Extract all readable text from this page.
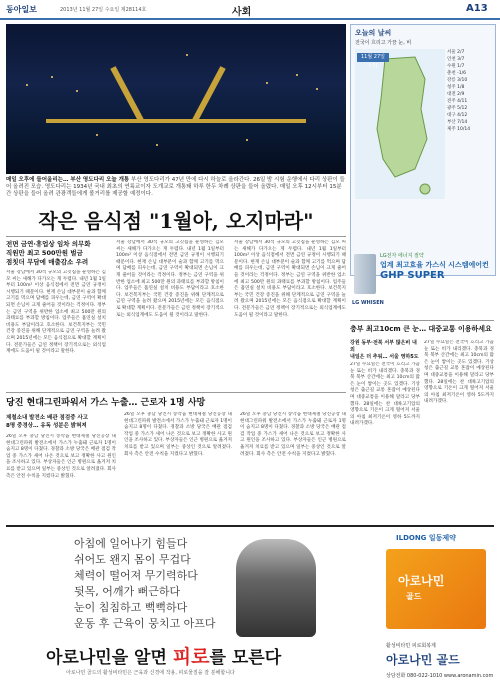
동아일보	2013년 11월 27일 수요일 제28114호	사회	A13
매일 오후에 들어올리는… 부산 영도다리 오늘 개통 부산 영도다리가 47년 만에 다시 하늘로 올라간다. 26일 밤 시험 운행에서 다리 상판이 들어 올려진 모습. 영도다리는 1934년 국내 최초의 연륙교이자 도개교로 개통돼 하루 한두 차례 상판을 들어 올렸다. 매일 오후 12시부터 15분간 상판을 들어 올려 관광객들에게 볼거리를 제공할 예정이다.
오늘의 날씨
전국이 흐리고 가끔 눈, 비
11월 27일 (수)
서울 2/7
인천 3/7
수원 1/7
춘천 -1/6
강릉 3/10
청주 1/8
대전 2/9
전주 4/11
광주 5/12
대구 4/12
부산 7/14
제주 10/14
LG전자 에너지 절약
업계 최고효율 가스식 시스템에어컨
GHP SUPER
LG WHISEN
작은 음식점 "1월아, 오지마라"
전면 금연·휴업상 임차 의무화
직원만 최고 500만원 벌금
점칫더 무담에 매출감소 우려
서울 강남에서 30석 규모의 고깃집을 운영하는 김모 씨는 새해가 다가오는 게 두렵다. 내년 1월 1일부터 100m² 이상 음식점에서 전면 금연 규정이 시행되기 때문이다. 현재 손님 대부분이 술과 함께 고기를 먹으며 담배를 피우는데, 금연 구역이 확대되면 손님이 크게 줄어들 것이라는 걱정이다. 정부는 금연 구역을 위반한 업소에 최고 500만 원의 과태료를 부과할 방침이다. 업주들은 흡연실 설치 비용도 부담이라고 호소한다. 보건복지부는 국민 건강 증진을 위해 단계적으로 금연 구역을 늘려 왔으며 2015년에는 모든 음식점으로 확대할 계획이다. 전문가들은 금연 정책이 장기적으로는 외식업계에도 도움이 될 것이라고 말한다.
서울 강남에서 30석 규모의 고깃집을 운영하는 김모 씨는 새해가 다가오는 게 두렵다. 내년 1월 1일부터 100m² 이상 음식점에서 전면 금연 규정이 시행되기 때문이다. 현재 손님 대부분이 술과 함께 고기를 먹으며 담배를 피우는데, 금연 구역이 확대되면 손님이 크게 줄어들 것이라는 걱정이다. 정부는 금연 구역을 위반한 업소에 최고 500만 원의 과태료를 부과할 방침이다. 업주들은 흡연실 설치 비용도 부담이라고 호소한다. 보건복지부는 국민 건강 증진을 위해 단계적으로 금연 구역을 늘려 왔으며 2015년에는 모든 음식점으로 확대할 계획이다. 전문가들은 금연 정책이 장기적으로는 외식업계에도 도움이 될 것이라고 말한다.
서울 강남에서 30석 규모의 고깃집을 운영하는 김모 씨는 새해가 다가오는 게 두렵다. 내년 1월 1일부터 100m² 이상 음식점에서 전면 금연 규정이 시행되기 때문이다. 현재 손님 대부분이 술과 함께 고기를 먹으며 담배를 피우는데, 금연 구역이 확대되면 손님이 크게 줄어들 것이라는 걱정이다. 정부는 금연 구역을 위반한 업소에 최고 500만 원의 과태료를 부과할 방침이다. 업주들은 흡연실 설치 비용도 부담이라고 호소한다. 보건복지부는 국민 건강 증진을 위해 단계적으로 금연 구역을 늘려 왔으며 2015년에는 모든 음식점으로 확대할 계획이다. 전문가들은 금연 정책이 장기적으로는 외식업계에도 도움이 될 것이라고 말한다.
당진 현대그린파워서 가스 누출… 근로자 1명 사망
제철소내 발전소 배관 점검중 사고
8명 중경상… 유독 성분은 밝혀져
26일 오후 충남 당진시 송악읍 현대제철 당진공장 내 현대그린파워 발전소에서 가스가 누출돼 근로자 1명이 숨지고 8명이 다쳤다. 경찰과 소방 당국은 배관 점검 작업 중 가스가 새어 나온 것으로 보고 정확한 사고 원인을 조사하고 있다. 부상자들은 인근 병원으로 옮겨져 치료를 받고 있으며 일부는 중상인 것으로 알려졌다. 회사 측은 안전 수칙을 지켰다고 밝혔다.
26일 오후 충남 당진시 송악읍 현대제철 당진공장 내 현대그린파워 발전소에서 가스가 누출돼 근로자 1명이 숨지고 8명이 다쳤다. 경찰과 소방 당국은 배관 점검 작업 중 가스가 새어 나온 것으로 보고 정확한 사고 원인을 조사하고 있다. 부상자들은 인근 병원으로 옮겨져 치료를 받고 있으며 일부는 중상인 것으로 알려졌다. 회사 측은 안전 수칙을 지켰다고 밝혔다.
26일 오후 충남 당진시 송악읍 현대제철 당진공장 내 현대그린파워 발전소에서 가스가 누출돼 근로자 1명이 숨지고 8명이 다쳤다. 경찰과 소방 당국은 배관 점검 작업 중 가스가 새어 나온 것으로 보고 정확한 사고 원인을 조사하고 있다. 부상자들은 인근 병원으로 옮겨져 치료를 받고 있으며 일부는 중상인 것으로 알려졌다. 회사 측은 안전 수칙을 지켰다고 밝혔다.
충부 최고10cm 큰 눈… 대중교통 이용하세요
강원 동부·전북 서부 많은비 내외
내일은 더 추워… 서울 영하5도
27일 수요일은 전국이 흐리고 가끔 눈 또는 비가 내리겠다. 충북과 경북 북부 산간에는 최고 10cm의 많은 눈이 쌓이는 곳도 있겠다. 기상청은 출근길 교통 혼잡이 예상된다며 대중교통을 이용해 달라고 당부했다. 28일에는 찬 대륙고기압의 영향으로 기온이 크게 떨어져 서울의 아침 최저기온이 영하 5도까지 내려가겠다.
27일 수요일은 전국이 흐리고 가끔 눈 또는 비가 내리겠다. 충북과 경북 북부 산간에는 최고 10cm의 많은 눈이 쌓이는 곳도 있겠다. 기상청은 출근길 교통 혼잡이 예상된다며 대중교통을 이용해 달라고 당부했다. 28일에는 찬 대륙고기압의 영향으로 기온이 크게 떨어져 서울의 아침 최저기온이 영하 5도까지 내려가겠다.
아침에 일어나기 힘들다
쉬어도 왠지 몸이 무겁다
체력이 떨어져 무기력하다
뒷목, 어깨가 뻐근하다
눈이 침침하고 뻑뻑하다
운동 후 근육이 뭉치고 아프다
아로나민을 알면 피로를 모른다
아로나민 골드의 활성비타민은 근육과 신경에 작용, 피로물질을 잘 분해합니다
ILDONG 일동제약
아로나민
골드
활성비타민 피로회복제
아로나민 골드
상담전화 080-022-1010 www.aronamin.com
